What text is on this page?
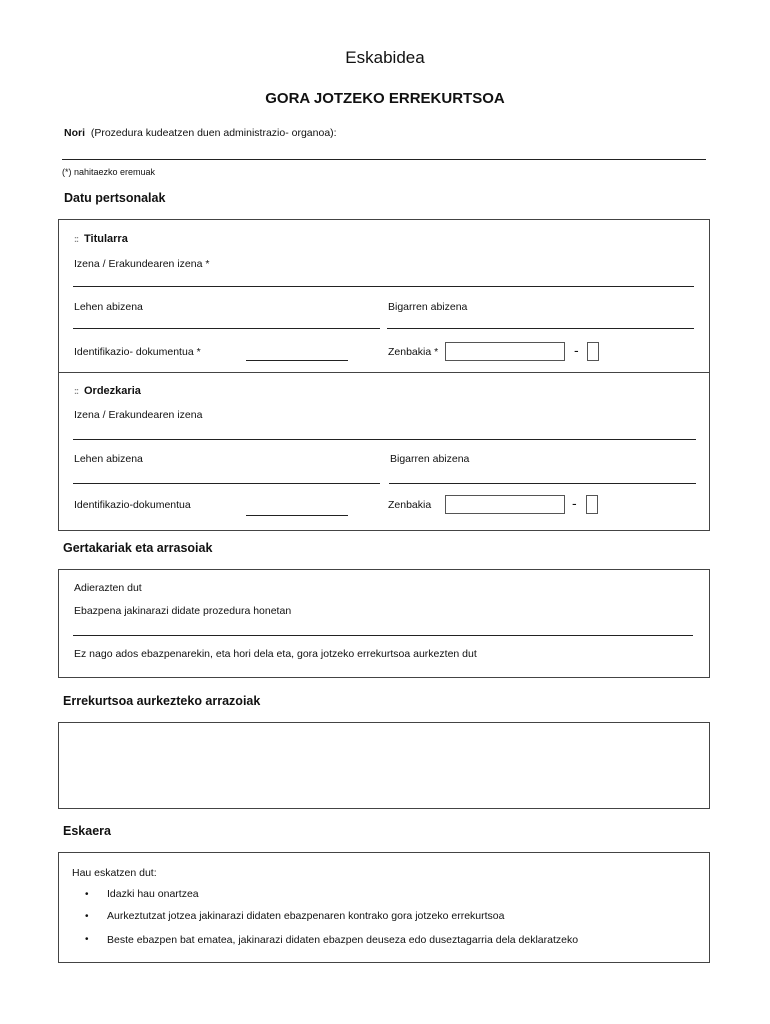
Eskabidea
GORA JOTZEKO ERREKURTSOA
Nori (Prozedura kudeatzen duen administrazio- organoa):
(*) nahitaezko eremuak
Datu pertsonalak
:: Titularra
Izena / Erakundearen izena *
Lehen abizena	Bigarren abizena
Identifikazio- dokumentua *	Zenbakia *	-
:: Ordezkaria
Izena / Erakundearen izena
Lehen abizena	Bigarren abizena
Identifikazio-dokumentua	Zenbakia	-
Gertakariak eta arrasoiak
Adierazten dut
Ebazpena jakinarazi didate prozedura honetan
Ez nago ados ebazpenarekin, eta hori dela eta, gora jotzeko errekurtsoa aurkezten dut
Errekurtsoa aurkezteko arrazoiak
Eskaera
Hau eskatzen dut:
• Idazki hau onartzea
• Aurkeztutzat jotzea jakinarazi didaten ebazpenaren kontrako gora jotzeko errekurtsoa
• Beste ebazpen bat ematea, jakinarazi didaten ebazpen deuseza edo duseztagarria dela deklaratzeko
